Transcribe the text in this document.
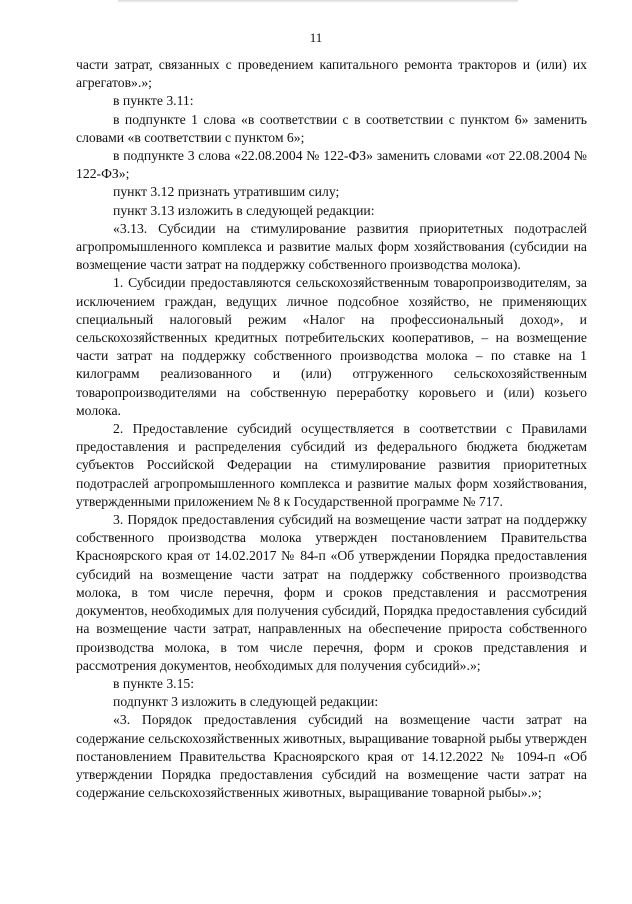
11

части затрат, связанных с проведением капитального ремонта тракторов и (или) их агрегатов».»;

в пункте 3.11:

в подпункте 1 слова «в соответствии с в соответствии с пунктом 6» заменить словами «в соответствии с пунктом 6»;

в подпункте 3 слова «22.08.2004 № 122-ФЗ» заменить словами «от 22.08.2004 № 122-ФЗ»;

пункт 3.12 признать утратившим силу;

пункт 3.13 изложить в следующей редакции:

«3.13. Субсидии на стимулирование развития приоритетных подотраслей агропромышленного комплекса и развитие малых форм хозяйствования (субсидии на возмещение части затрат на поддержку собственного производства молока).

1. Субсидии предоставляются сельскохозяйственным товаропроизводителям, за исключением граждан, ведущих личное подсобное хозяйство, не применяющих специальный налоговый режим «Налог на профессиональный доход», и сельскохозяйственных кредитных потребительских кооперативов, – на возмещение части затрат на поддержку собственного производства молока – по ставке на 1 килограмм реализованного и (или) отгруженного сельскохозяйственным товаропроизводителями на собственную переработку коровьего и (или) козьего молока.

2. Предоставление субсидий осуществляется в соответствии с Правилами предоставления и распределения субсидий из федерального бюджета бюджетам субъектов Российской Федерации на стимулирование развития приоритетных подотраслей агропромышленного комплекса и развитие малых форм хозяйствования, утвержденными приложением № 8 к Государственной программе № 717.

3. Порядок предоставления субсидий на возмещение части затрат на поддержку собственного производства молока утвержден постановлением Правительства Красноярского края от 14.02.2017 № 84-п «Об утверждении Порядка предоставления субсидий на возмещение части затрат на поддержку собственного производства молока, в том числе перечня, форм и сроков представления и рассмотрения документов, необходимых для получения субсидий, Порядка предоставления субсидий на возмещение части затрат, направленных на обеспечение прироста собственного производства молока, в том числе перечня, форм и сроков представления и рассмотрения документов, необходимых для получения субсидий».»;

в пункте 3.15:

подпункт 3 изложить в следующей редакции:

«3. Порядок предоставления субсидий на возмещение части затрат на содержание сельскохозяйственных животных, выращивание товарной рыбы утвержден постановлением Правительства Красноярского края от 14.12.2022 № 1094-п «Об утверждении Порядка предоставления субсидий на возмещение части затрат на содержание сельскохозяйственных животных, выращивание товарной рыбы».»;
